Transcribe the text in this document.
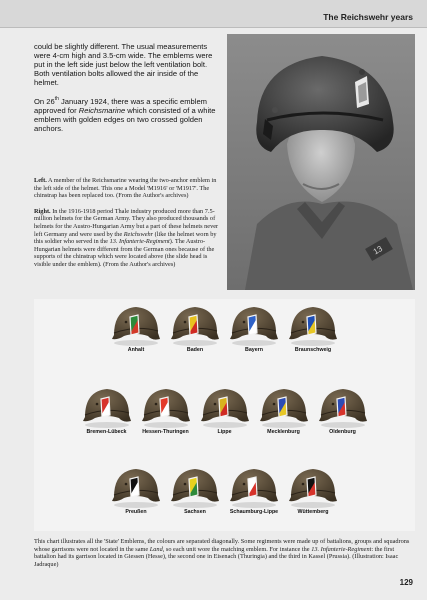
The Reichswehr years

could be slightly different. The usual measurements were 4-cm high and 3.5-cm wide. The emblems were put in the left side just below the left ventilation bolt. Both ventilation bolts allowed the air inside of the helmet.

On 26th January 1924, there was a specific emblem approved for Reichsmarine which consisted of a white emblem with golden edges on two crossed golden anchors.

Left. A member of the Reichsmarine wearing the two-anchor emblem in the left side of the helmet. This one a Model 'M1916' or 'M1917'. The chinstrap has been replaced too. (From the Author's archives)

Right. In the 1916-1918 period Thale industry produced more than 7.5-million helmets for the German Army. They also produced thousands of helmets for the Austro-Hungarian Army but a part of these helmets never left Germany and were used by the Reichswehr (like the helmet worn by this soldier who served in the 13. Infanterie-Regiment). The Austro-Hungarian helmets were different from the German ones because of the supports of the chinstrap which were located above (the slide head is visible under the emblem). (From the Author's archives)

13
Anhalt	Baden	Bayern	Braunschweig
Bremen-Lübeck	Hessen-Thuringen	Lippe	Mecklenburg	Oldenburg
Preußen	Sachsen	Schaumburg-Lippe	Wüttemberg

This chart illustrates all the 'State' Emblems, the colours are separated diagonally. Some regiments were made up of battalions, groups and squadrons whose garrisons were not located in the same Land, so each unit wore the matching emblem. For instance the 13. Infanterie-Regiment: the first battalion had its garrison located in Giessen (Hesse), the second one in Eisenach (Thuringia) and the third in Kassel (Prussia). (Illustration: Isaac Jadraque)

129
